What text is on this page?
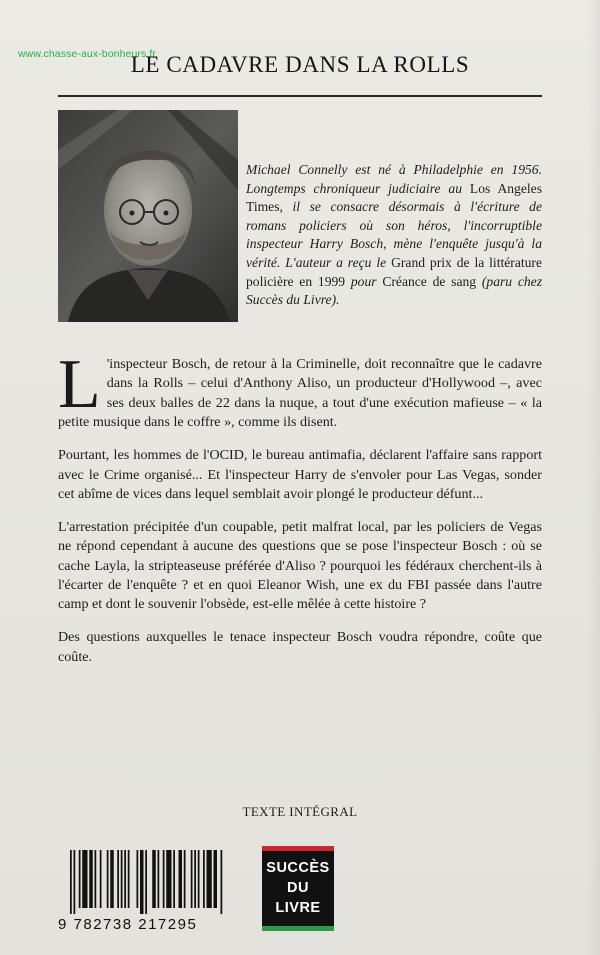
www.chasse-aux-bonheurs.fr
LE CADAVRE DANS LA ROLLS
Michael Connelly est né à Philadelphie en 1956. Longtemps chroniqueur judiciaire au Los Angeles Times, il se consacre désormais à l'écriture de romans policiers où son héros, l'incorruptible inspecteur Harry Bosch, mène l'enquête jusqu'à la vérité. L'auteur a reçu le Grand prix de la littérature policière en 1999 pour Créance de sang (paru chez Succès du Livre).

L 'inspecteur Bosch, de retour à la Criminelle, doit reconnaître que le cadavre dans la Rolls – celui d'Anthony Aliso, un producteur d'Hollywood –, avec ses deux balles de 22 dans la nuque, a tout d'une exécution mafieuse – « la petite musique dans le coffre », comme ils disent.

Pourtant, les hommes de l'OCID, le bureau antimafia, déclarent l'affaire sans rapport avec le Crime organisé... Et l'inspecteur Harry de s'envoler pour Las Vegas, sonder cet abîme de vices dans lequel semblait avoir plongé le producteur défunt...

L'arrestation précipitée d'un coupable, petit malfrat local, par les policiers de Vegas ne répond cependant à aucune des questions que se pose l'inspecteur Bosch : où se cache Layla, la stripteaseuse préférée d'Aliso ? pourquoi les fédéraux cherchent-ils à l'écarter de l'enquête ? et en quoi Eleanor Wish, une ex du FBI passée dans l'autre camp et dont le souvenir l'obsède, est-elle mêlée à cette histoire ?

Des questions auxquelles le tenace inspecteur Bosch voudra répondre, coûte que coûte.

TEXTE INTÉGRAL
9 782738 217295
SUCCÈS
DU
LIVRE
